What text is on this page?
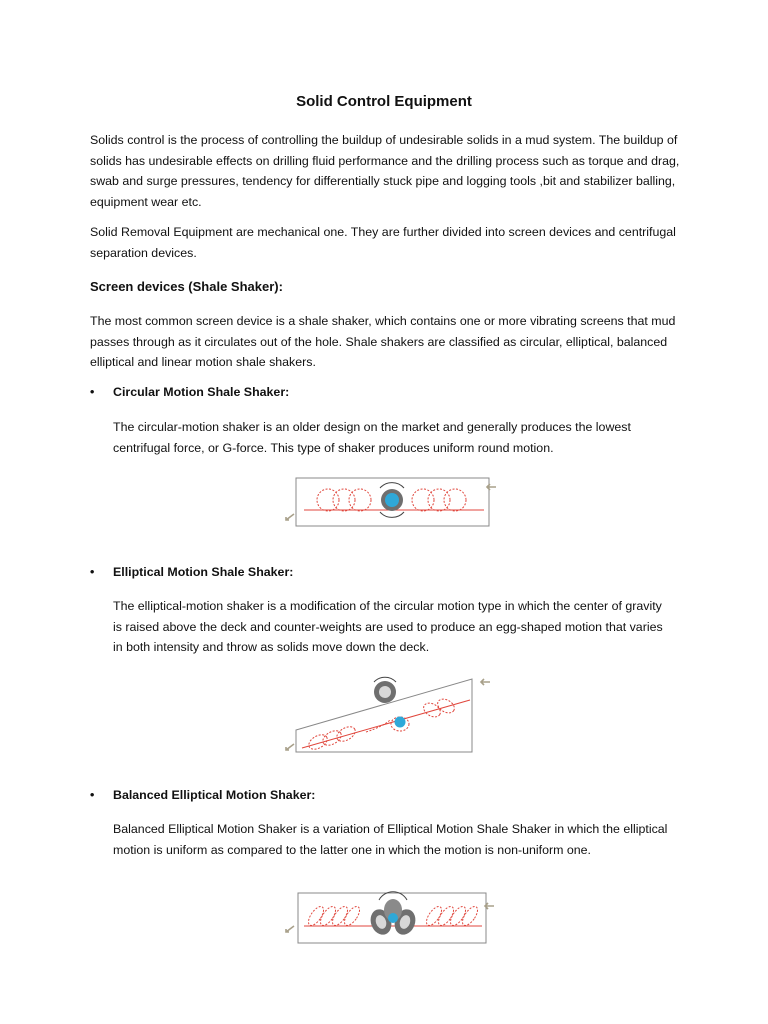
Solid Control Equipment

Solids control is the process of controlling the buildup of undesirable solids in a mud system. The buildup of solids has undesirable effects on drilling fluid performance and the drilling process such as torque and drag, swab and surge pressures, tendency for differentially stuck pipe and logging tools ,bit and stabilizer balling, equipment wear etc.

Solid Removal Equipment are mechanical one. They are further divided into screen devices and centrifugal separation devices.

Screen devices (Shale Shaker):

The most common screen device is a shale shaker, which contains one or more vibrating screens that mud passes through as it circulates out of the hole. Shale shakers are classified as circular, elliptical, balanced elliptical and linear motion shale shakers.

• Circular Motion Shale Shaker:

The circular-motion shaker is an older design on the market and generally produces the lowest centrifugal force, or G-force. This type of shaker produces uniform round motion.

• Elliptical Motion Shale Shaker:

The elliptical-motion shaker is a modification of the circular motion type in which the center of gravity is raised above the deck and counter-weights are used to produce an egg-shaped motion that varies in both intensity and throw as solids move down the deck.

• Balanced Elliptical Motion Shaker:

Balanced Elliptical Motion Shaker is a variation of Elliptical Motion Shale Shaker in which the elliptical motion is uniform as compared to the latter one in which the motion is non-uniform one.
